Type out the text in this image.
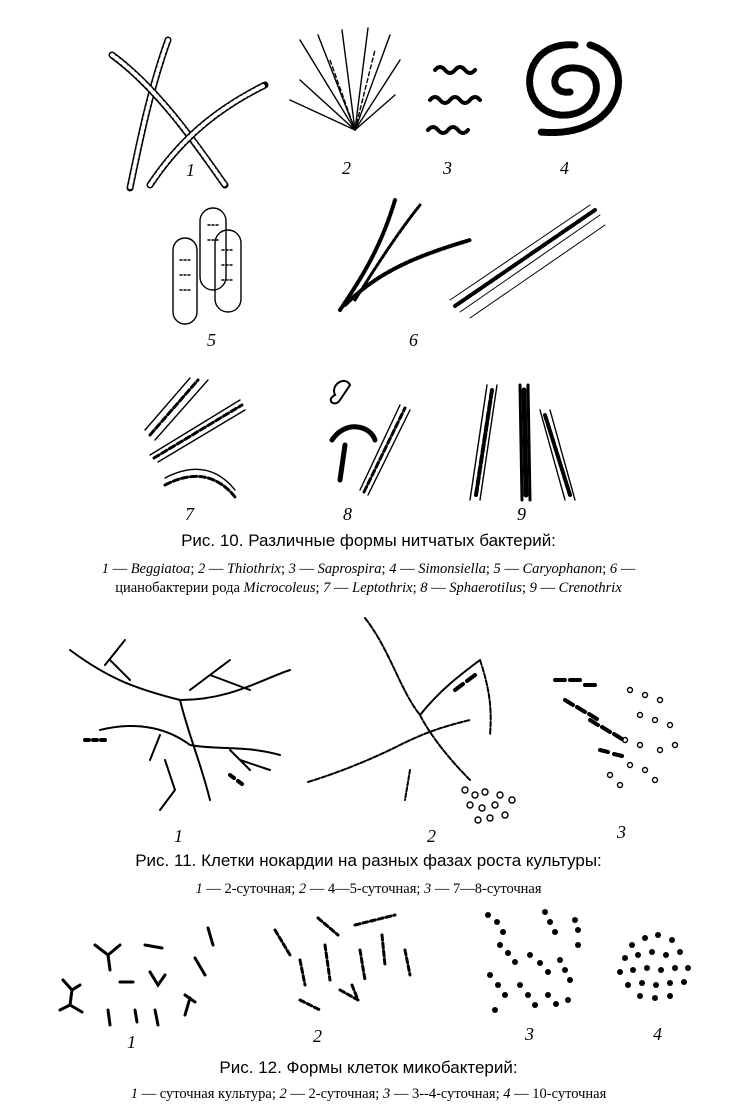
1	2	3	4
5	6
7	8	9
Рис. 10. Различные формы нитчатых бактерий:
1 — Beggiatoa; 2 — Thiothrix; 3 — Saprospira; 4 — Simonsiella; 5 — Caryophanon; 6 —
цианобактерии рода Microcoleus; 7 — Leptothrix; 8 — Sphaerotilus; 9 — Crenothrix
1	2	3
Рис. 11. Клетки нокардии на разных фазах роста культуры:
1 — 2-суточная; 2 — 4—5-суточная; 3 — 7—8-суточная
1	2	3	4
Рис. 12. Формы клеток микобактерий:
1 — суточная культура; 2 — 2-суточная; 3 — 3--4-суточная; 4 — 10-суточная
